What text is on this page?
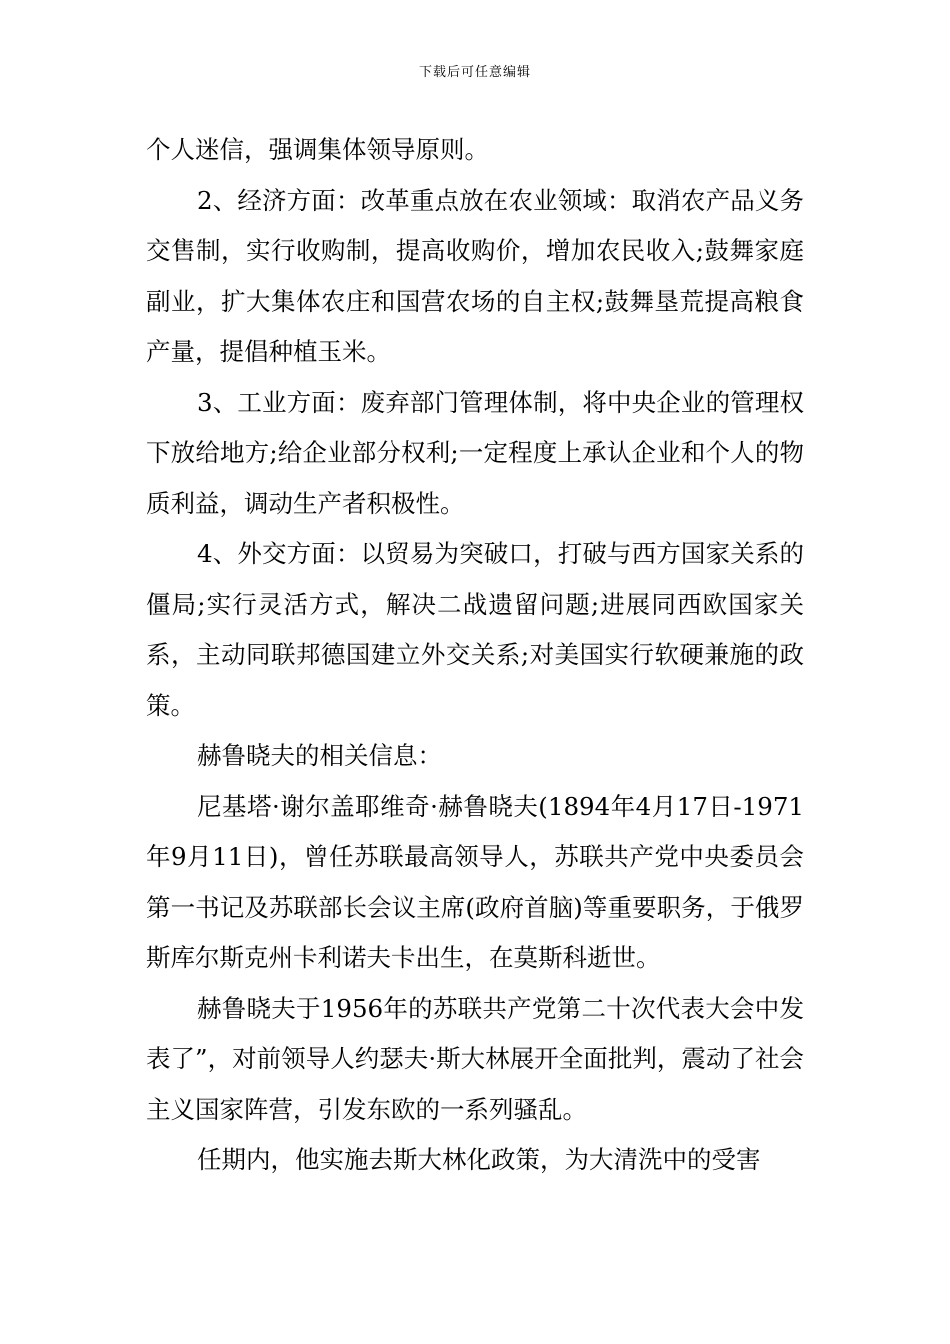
下载后可任意编辑

个人迷信，强调集体领导原则。

2、经济方面：改革重点放在农业领域：取消农产品义务交售制，实行收购制，提高收购价，增加农民收入;鼓舞家庭副业，扩大集体农庄和国营农场的自主权;鼓舞垦荒提高粮食产量，提倡种植玉米。

3、工业方面：废弃部门管理体制，将中央企业的管理权下放给地方;给企业部分权利;一定程度上承认企业和个人的物质利益，调动生产者积极性。

4、外交方面：以贸易为突破口，打破与西方国家关系的僵局;实行灵活方式，解决二战遗留问题;进展同西欧国家关系，主动同联邦德国建立外交关系;对美国实行软硬兼施的政策。

赫鲁晓夫的相关信息：

尼基塔·谢尔盖耶维奇·赫鲁晓夫(1894年4月17日-1971年9月11日)，曾任苏联最高领导人，苏联共产党中央委员会第一书记及苏联部长会议主席(政府首脑)等重要职务，于俄罗斯库尔斯克州卡利诺夫卡出生，在莫斯科逝世。

赫鲁晓夫于1956年的苏联共产党第二十次代表大会中发表了”，对前领导人约瑟夫·斯大林展开全面批判，震动了社会主义国家阵营，引发东欧的一系列骚乱。

任期内，他实施去斯大林化政策，为大清洗中的受害
